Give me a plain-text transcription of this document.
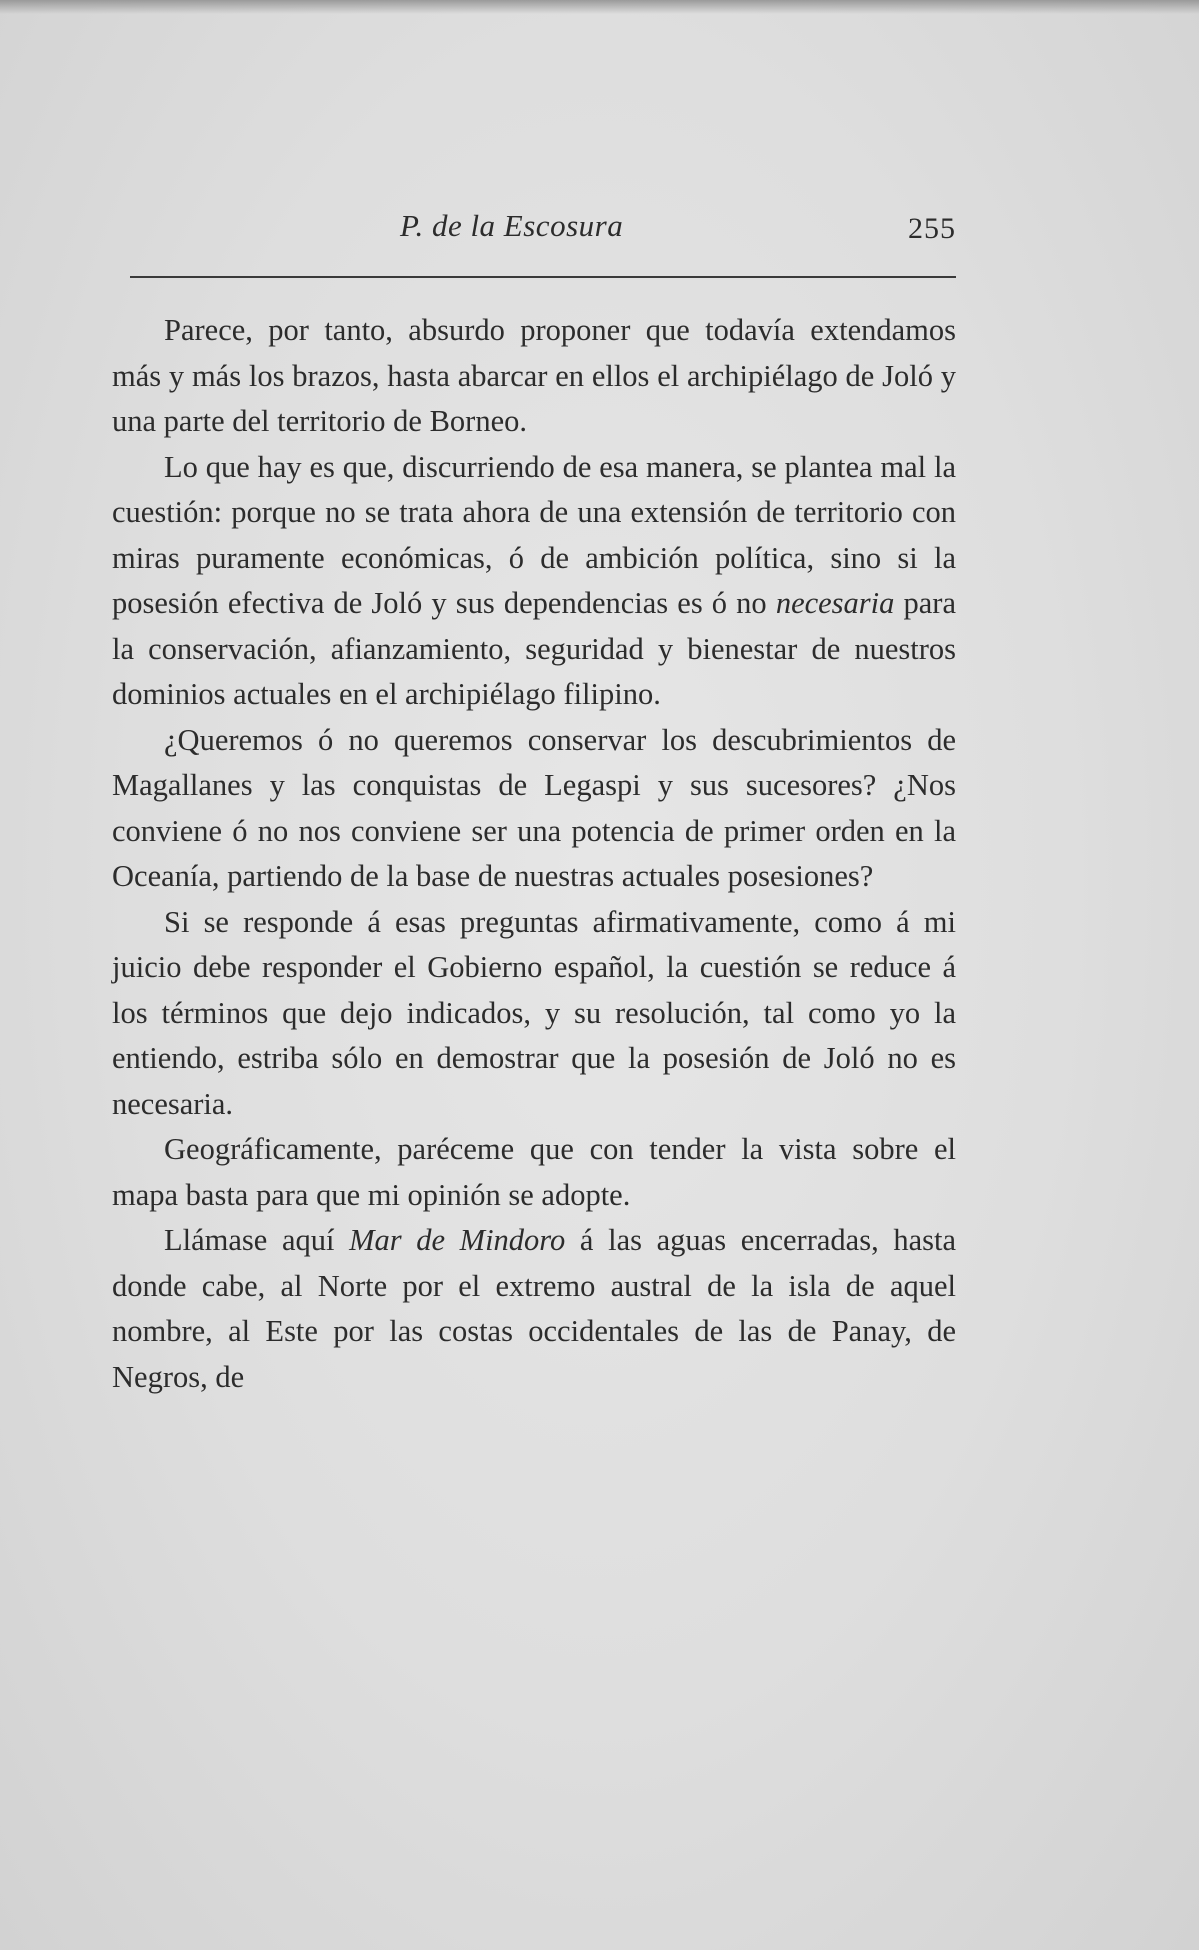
P. de la Escosura	255

Parece, por tanto, absurdo proponer que todavía extendamos más y más los brazos, hasta abarcar en ellos el archipiélago de Joló y una parte del territorio de Borneo.

Lo que hay es que, discurriendo de esa manera, se plantea mal la cuestión: porque no se trata ahora de una extensión de territorio con miras puramente económicas, ó de ambición política, sino si la posesión efectiva de Joló y sus dependencias es ó no necesaria para la conservación, afianzamiento, seguridad y bienestar de nuestros dominios actuales en el archipiélago filipino.

¿Queremos ó no queremos conservar los descubrimientos de Magallanes y las conquistas de Legaspi y sus sucesores? ¿Nos conviene ó no nos conviene ser una potencia de primer orden en la Oceanía, partiendo de la base de nuestras actuales posesiones?

Si se responde á esas preguntas afirmativamente, como á mi juicio debe responder el Gobierno español, la cuestión se reduce á los términos que dejo indicados, y su resolución, tal como yo la entiendo, estriba sólo en demostrar que la posesión de Joló no es necesaria.

Geográficamente, paréceme que con tender la vista sobre el mapa basta para que mi opinión se adopte.

Llámase aquí Mar de Mindoro á las aguas encerradas, hasta donde cabe, al Norte por el extremo austral de la isla de aquel nombre, al Este por las costas occidentales de las de Panay, de Negros, de
